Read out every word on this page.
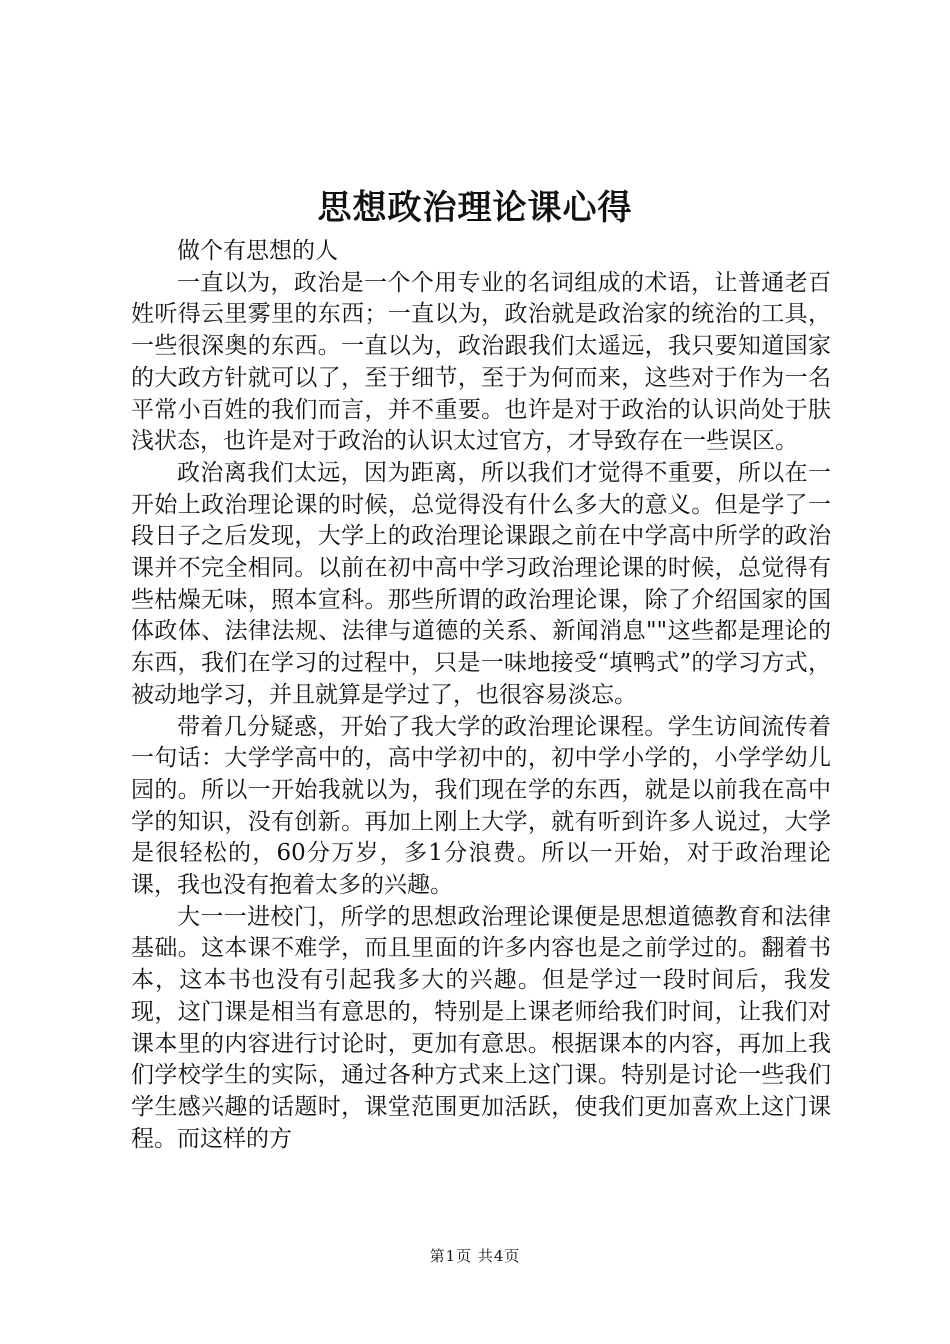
思想政治理论课心得

做个有思想的人

一直以为，政治是一个个用专业的名词组成的术语，让普通老百姓听得云里雾里的东西；一直以为，政治就是政治家的统治的工具，一些很深奥的东西。一直以为，政治跟我们太遥远，我只要知道国家的大政方针就可以了，至于细节，至于为何而来，这些对于作为一名平常小百姓的我们而言，并不重要。也许是对于政治的认识尚处于肤浅状态，也许是对于政治的认识太过官方，才导致存在一些误区。

政治离我们太远，因为距离，所以我们才觉得不重要，所以在一开始上政治理论课的时候，总觉得没有什么多大的意义。但是学了一段日子之后发现，大学上的政治理论课跟之前在中学高中所学的政治课并不完全相同。以前在初中高中学习政治理论课的时候，总觉得有些枯燥无味，照本宣科。那些所谓的政治理论课，除了介绍国家的国体政体、法律法规、法律与道德的关系、新闻消息""这些都是理论的东西，我们在学习的过程中，只是一味地接受“填鸭式”的学习方式，被动地学习，并且就算是学过了，也很容易淡忘。

带着几分疑惑，开始了我大学的政治理论课程。学生访间流传着一句话：大学学高中的，高中学初中的，初中学小学的，小学学幼儿园的。所以一开始我就以为，我们现在学的东西，就是以前我在高中学的知识，没有创新。再加上刚上大学，就有听到许多人说过，大学是很轻松的，60分万岁，多1分浪费。所以一开始，对于政治理论课，我也没有抱着太多的兴趣。

大一一进校门，所学的思想政治理论课便是思想道德教育和法律基础。这本课不难学，而且里面的许多内容也是之前学过的。翻着书本，这本书也没有引起我多大的兴趣。但是学过一段时间后，我发现，这门课是相当有意思的，特别是上课老师给我们时间，让我们对课本里的内容进行讨论时，更加有意思。根据课本的内容，再加上我们学校学生的实际，通过各种方式来上这门课。特别是讨论一些我们学生感兴趣的话题时，课堂范围更加活跃，使我们更加喜欢上这门课程。而这样的方

第1页 共4页
